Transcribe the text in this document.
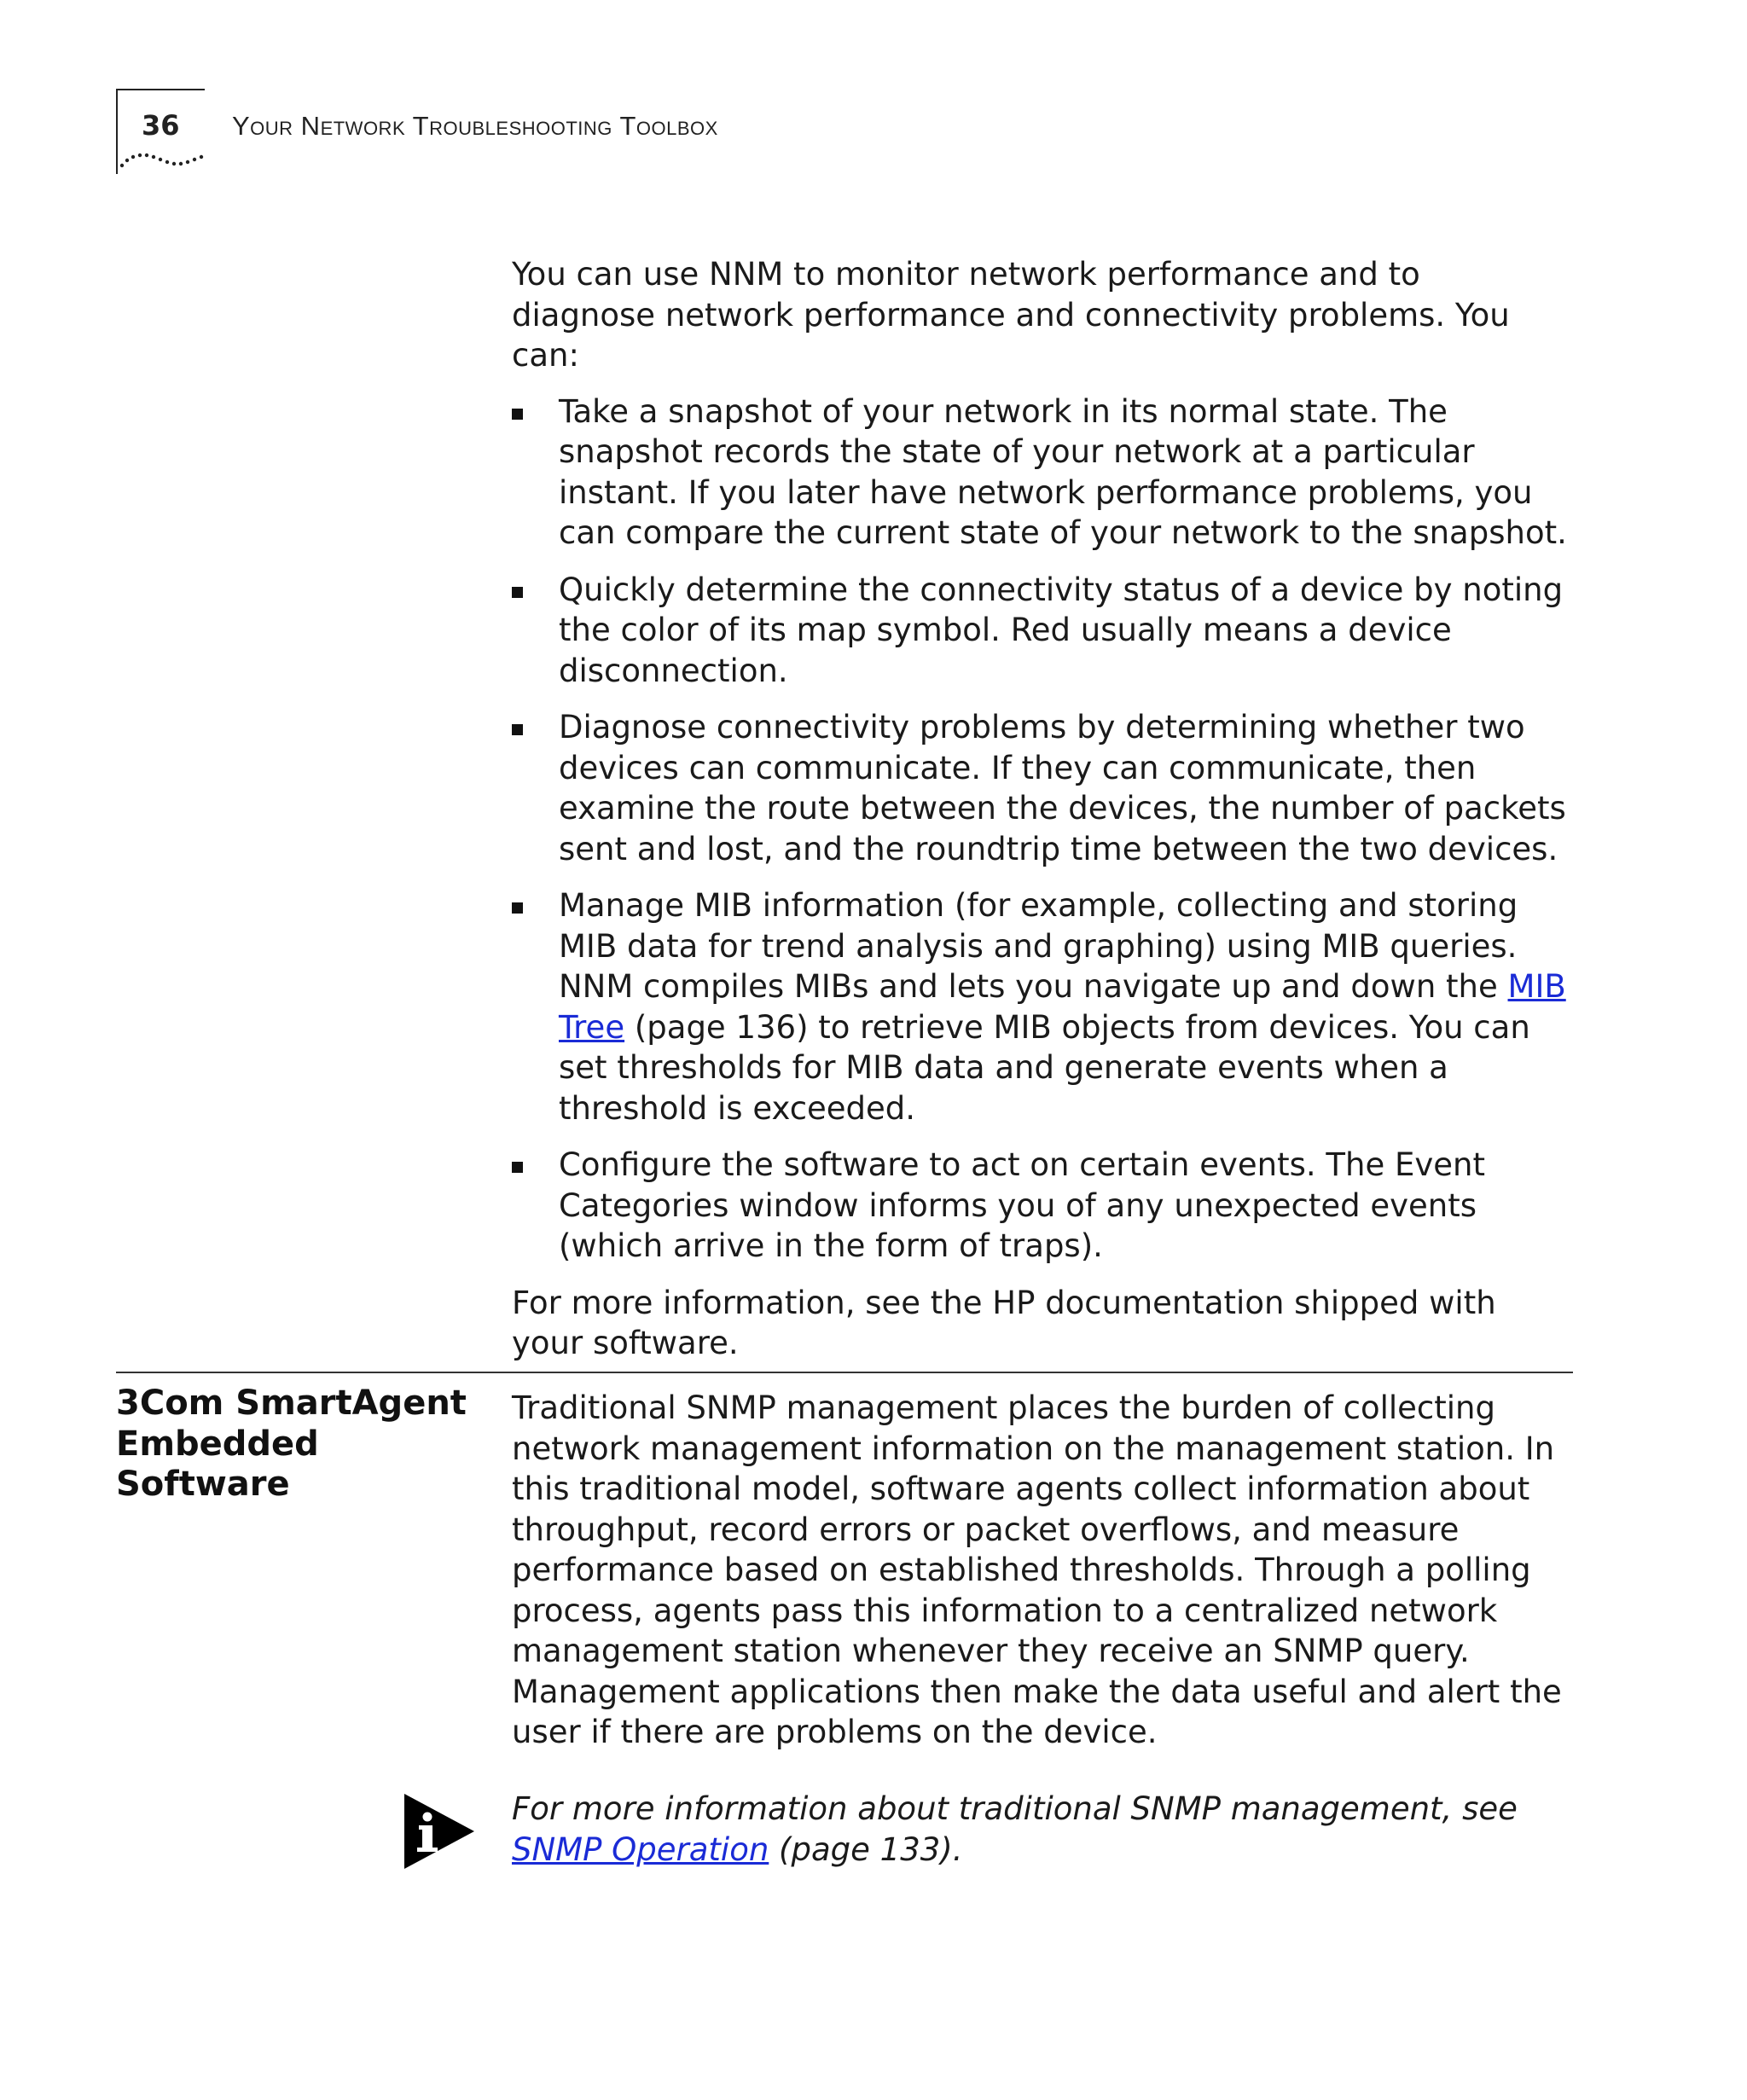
36 Your Network Troubleshooting Toolbox

You can use NNM to monitor network performance and to diagnose network performance and connectivity problems. You can:

Take a snapshot of your network in its normal state. The snapshot records the state of your network at a particular instant. If you later have network performance problems, you can compare the current state of your network to the snapshot.
Quickly determine the connectivity status of a device by noting the color of its map symbol. Red usually means a device disconnection.
Diagnose connectivity problems by determining whether two devices can communicate. If they can communicate, then examine the route between the devices, the number of packets sent and lost, and the roundtrip time between the two devices.
Manage MIB information (for example, collecting and storing MIB data for trend analysis and graphing) using MIB queries. NNM compiles MIBs and lets you navigate up and down the MIB Tree (page 136) to retrieve MIB objects from devices. You can set thresholds for MIB data and generate events when a threshold is exceeded.
Configure the software to act on certain events. The Event Categories window informs you of any unexpected events (which arrive in the form of traps).

For more information, see the HP documentation shipped with your software.

3Com SmartAgent Embedded Software

Traditional SNMP management places the burden of collecting network management information on the management station. In this traditional model, software agents collect information about throughput, record errors or packet overflows, and measure performance based on established thresholds. Through a polling process, agents pass this information to a centralized network management station whenever they receive an SNMP query. Management applications then make the data useful and alert the user if there are problems on the device.

For more information about traditional SNMP management, see SNMP Operation (page 133).
